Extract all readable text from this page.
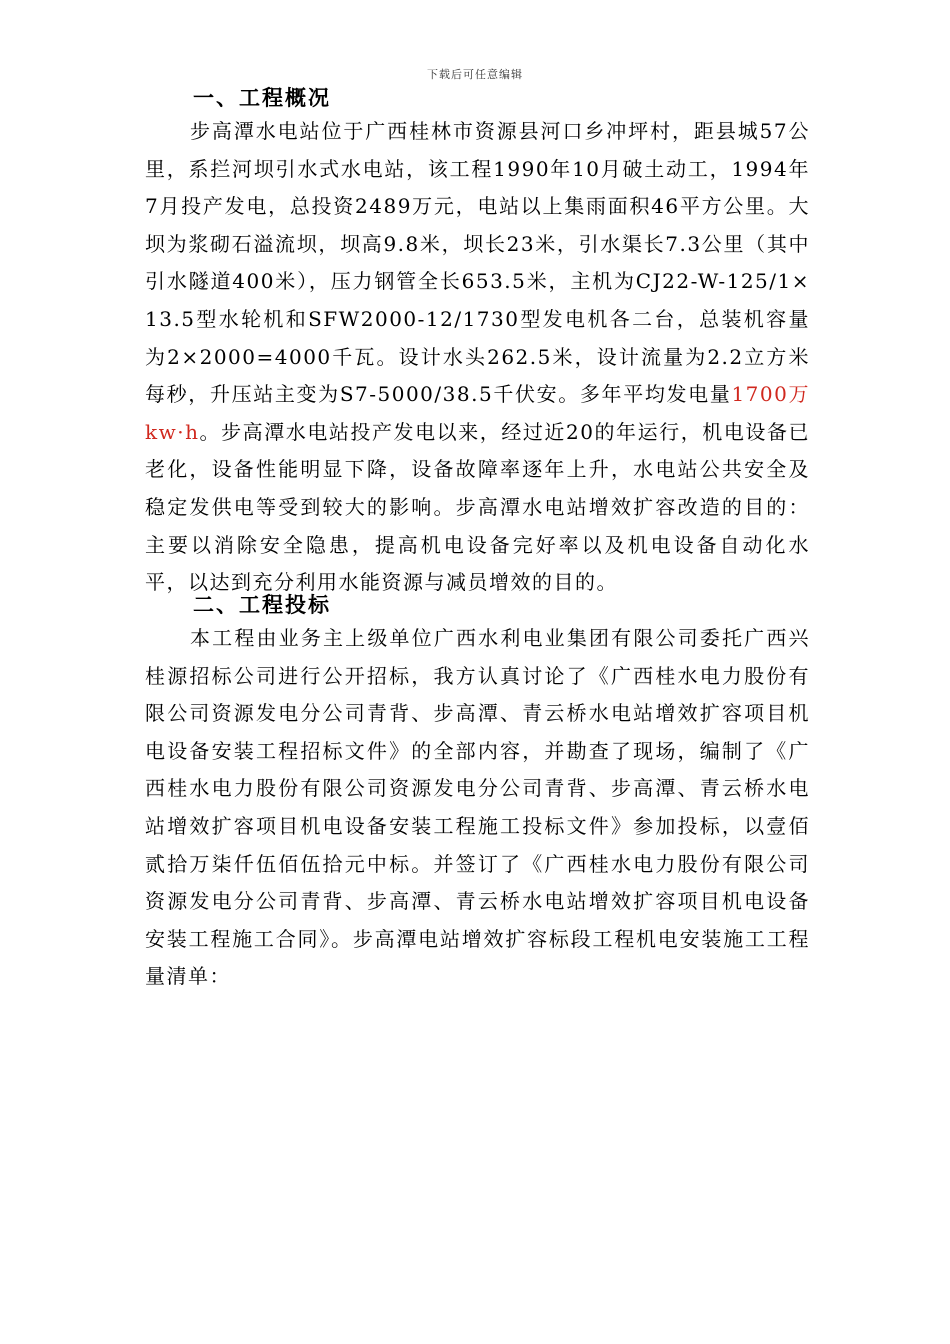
下载后可任意编辑
一、工程概况

步高潭水电站位于广西桂林市资源县河口乡冲坪村，距县城57公里，系拦河坝引水式水电站，该工程1990年10月破土动工，1994年7月投产发电，总投资2489万元，电站以上集雨面积46平方公里。大坝为浆砌石溢流坝，坝高9.8米，坝长23米，引水渠长7.3公里（其中引水隧道400米），压力钢管全长653.5米，主机为CJ22-W-125/1×13.5型水轮机和SFW2000-12/1730型发电机各二台，总装机容量为2×2000=4000千瓦。设计水头262.5米，设计流量为2.2立方米每秒，升压站主变为S7-5000/38.5千伏安。多年平均发电量1700万kw·h。步高潭水电站投产发电以来，经过近20的年运行，机电设备已老化，设备性能明显下降，设备故障率逐年上升，水电站公共安全及稳定发供电等受到较大的影响。步高潭水电站增效扩容改造的目的：主要以消除安全隐患，提高机电设备完好率以及机电设备自动化水平，以达到充分利用水能资源与减员增效的目的。

二、工程投标

本工程由业务主上级单位广西水利电业集团有限公司委托广西兴桂源招标公司进行公开招标，我方认真讨论了《广西桂水电力股份有限公司资源发电分公司青背、步高潭、青云桥水电站增效扩容项目机电设备安装工程招标文件》的全部内容，并勘查了现场，编制了《广西桂水电力股份有限公司资源发电分公司青背、步高潭、青云桥水电站增效扩容项目机电设备安装工程施工投标文件》参加投标，以壹佰贰拾万柒仟伍佰伍拾元中标。并签订了《广西桂水电力股份有限公司资源发电分公司青背、步高潭、青云桥水电站增效扩容项目机电设备安装工程施工合同》。步高潭电站增效扩容标段工程机电安装施工工程量清单：
